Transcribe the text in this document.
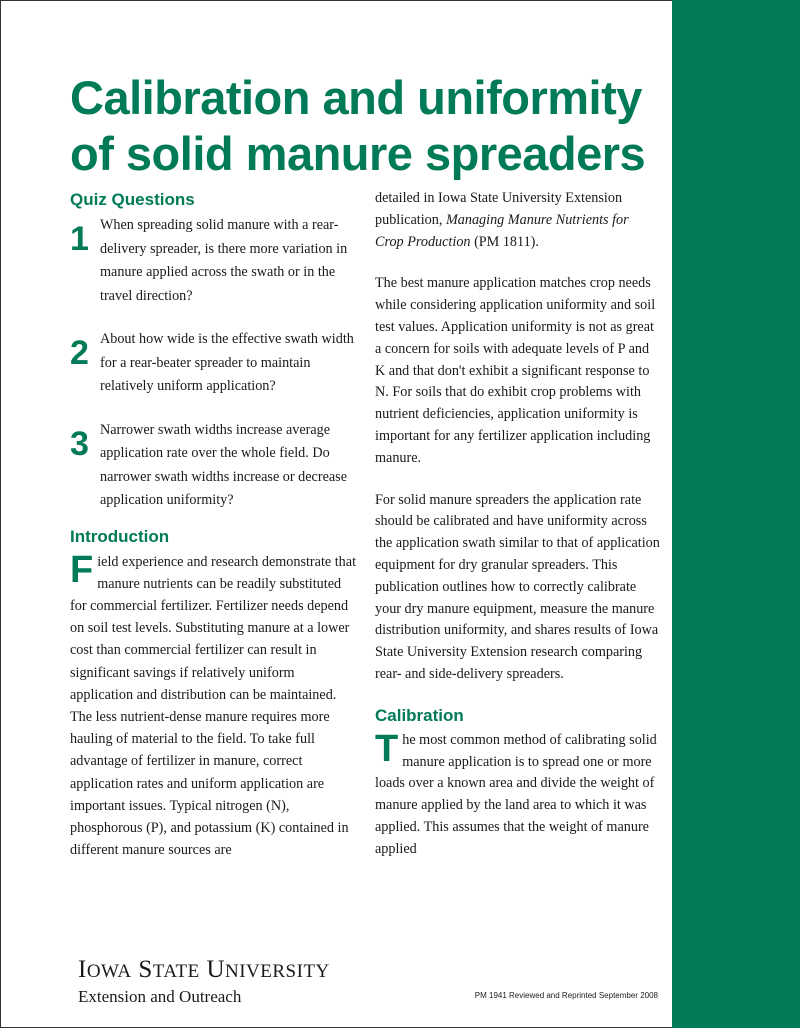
Calibration and uniformity
of solid manure spreaders
Quiz Questions
1 When spreading solid manure with a rear-delivery spreader, is there more variation in manure applied across the swath or in the travel direction?
2 About how wide is the effective swath width for a rear-beater spreader to maintain relatively uniform application?
3 Narrower swath widths increase average application rate over the whole field. Do narrower swath widths increase or decrease application uniformity?
Introduction

Field experience and research demonstrate that manure nutrients can be readily substituted for commercial fertilizer. Fertilizer needs depend on soil test levels. Substituting manure at a lower cost than commercial fertilizer can result in significant savings if relatively uniform application and distribution can be maintained. The less nutrient-dense manure requires more hauling of material to the field. To take full advantage of fertilizer in manure, correct application rates and uniform application are important issues. Typical nitrogen (N), phosphorous (P), and potassium (K) contained in different manure sources are

detailed in Iowa State University Extension publication, Managing Manure Nutrients for Crop Production (PM 1811).

The best manure application matches crop needs while considering application uniformity and soil test values. Application uniformity is not as great a concern for soils with adequate levels of P and K and that don't exhibit a significant response to N. For soils that do exhibit crop problems with nutrient deficiencies, application uniformity is important for any fertilizer application including manure.

For solid manure spreaders the application rate should be calibrated and have uniformity across the application swath similar to that of application equipment for dry granular spreaders. This publication outlines how to correctly calibrate your dry manure equipment, measure the manure distribution uniformity, and shares results of Iowa State University Extension research comparing rear- and side-delivery spreaders.

Calibration

The most common method of calibrating solid manure application is to spread one or more loads over a known area and divide the weight of manure applied by the land area to which it was applied. This assumes that the weight of manure applied

IOWA STATE UNIVERSITY
Extension and Outreach	PM 1941 Reviewed and Reprinted September 2008
